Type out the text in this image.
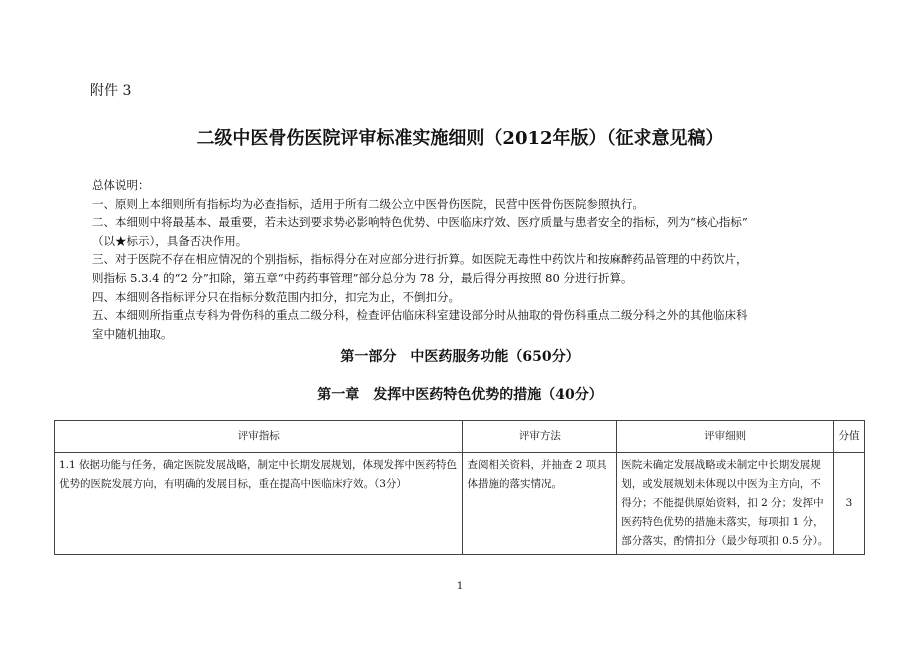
附件 3
二级中医骨伤医院评审标准实施细则（2012年版）（征求意见稿）
总体说明：
一、原则上本细则所有指标均为必查指标，适用于所有二级公立中医骨伤医院，民营中医骨伤医院参照执行。
二、本细则中将最基本、最重要，若未达到要求势必影响特色优势、中医临床疗效、医疗质量与患者安全的指标，列为“核心指标”
（以★标示），具备否决作用。
三、对于医院不存在相应情况的个别指标，指标得分在对应部分进行折算。如医院无毒性中药饮片和按麻醉药品管理的中药饮片，
则指标 5.3.4 的“2 分”扣除，第五章“中药药事管理”部分总分为 78 分，最后得分再按照 80 分进行折算。
四、本细则各指标评分只在指标分数范围内扣分，扣完为止，不倒扣分。
五、本细则所指重点专科为骨伤科的重点二级分科，检查评估临床科室建设部分时从抽取的骨伤科重点二级分科之外的其他临床科
室中随机抽取。
第一部分　中医药服务功能（650分）
第一章　发挥中医药特色优势的措施（40分）
评审指标	评审方法	评审细则	分值
1.1 依据功能与任务，确定医院发展战略，制定中长期发展规划，体现发挥中医药特色优势的医院发展方向，有明确的发展目标，重在提高中医临床疗效。（3分）	查阅相关资料，并抽查 2 项具体措施的落实情况。	医院未确定发展战略或未制定中长期发展规划，或发展规划未体现以中医为主方向，不得分；不能提供原始资料，扣 2 分；发挥中医药特色优势的措施未落实，每项扣 1 分，部分落实，酌情扣分（最少每项扣 0.5 分）。	3
1
